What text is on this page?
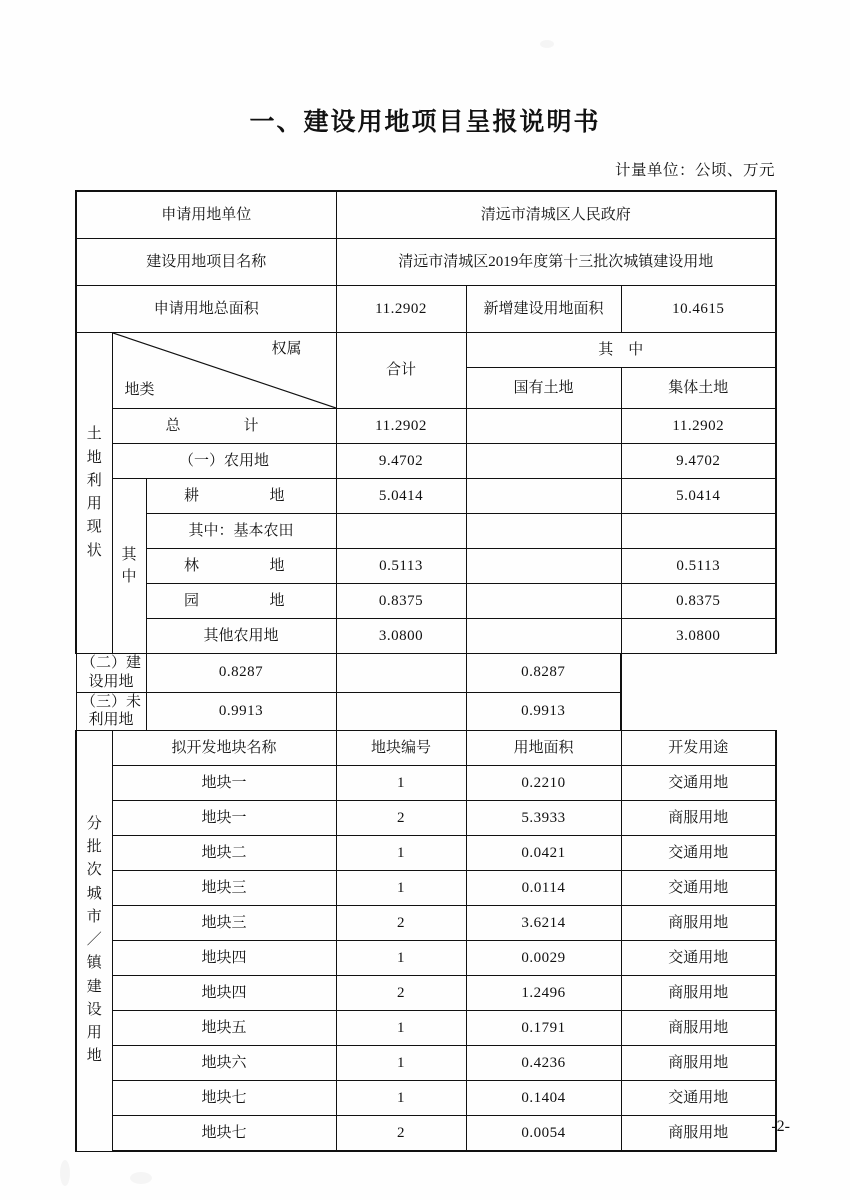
一、建设用地项目呈报说明书
计量单位：公顷、万元
申请用地单位			清远市清城区人民政府		
建设用地项目名称			清远市清城区2019年度第十三批次城镇建设用地		
申请用地总面积			11.2902	新增建设用地面积	10.4615

土
地
利
用
现
状

权属
地类
	合计	其　中
				国有土地	集体土地
	总　计		11.2902		11.2902
	（一）农用地		9.4702		9.4702

	其
中	耕　　地	5.0414		5.0414
		其中：基本农田			
		林　　地	0.5113		0.5113
		园　　地	0.8375		0.8375
		其他农用地	3.0800		3.0800
（二）建设用地		0.8287		0.8287	
（三）未利用地		0.9913		0.9913	

分
批
次
城
市
／
镇
建
设
用
地
	拟开发地块名称	地块编号	用地面积	开发用途
	地块一		1	0.2210	交通用地
	地块一		2	5.3933	商服用地
	地块二		1	0.0421	交通用地
	地块三		1	0.0114	交通用地
	地块三		2	3.6214	商服用地
	地块四		1	0.0029	交通用地
	地块四		2	1.2496	商服用地
	地块五		1	0.1791	商服用地
	地块六		1	0.4236	商服用地
	地块七		1	0.1404	交通用地
	地块七		2	0.0054	商服用地	-2-
